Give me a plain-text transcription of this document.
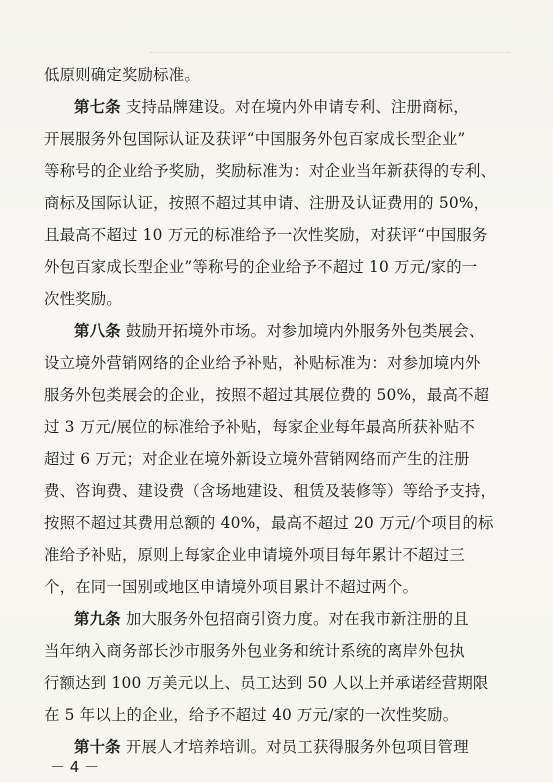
低原则确定奖励标准。
第七条 支持品牌建设。对在境内外申请专利、注册商标，
开展服务外包国际认证及获评“中国服务外包百家成长型企业”
等称号的企业给予奖励，奖励标准为：对企业当年新获得的专利、
商标及国际认证，按照不超过其申请、注册及认证费用的 50%，
且最高不超过 10 万元的标准给予一次性奖励，对获评“中国服务
外包百家成长型企业”等称号的企业给予不超过 10 万元/家的一
次性奖励。
第八条 鼓励开拓境外市场。对参加境内外服务外包类展会、
设立境外营销网络的企业给予补贴，补贴标准为：对参加境内外
服务外包类展会的企业，按照不超过其展位费的 50%，最高不超
过 3 万元/展位的标准给予补贴，每家企业每年最高所获补贴不
超过 6 万元；对企业在境外新设立境外营销网络而产生的注册
费、咨询费、建设费（含场地建设、租赁及装修等）等给予支持，
按照不超过其费用总额的 40%，最高不超过 20 万元/个项目的标
准给予补贴，原则上每家企业申请境外项目每年累计不超过三
个，在同一国别或地区申请境外项目累计不超过两个。
第九条 加大服务外包招商引资力度。对在我市新注册的且
当年纳入商务部长沙市服务外包业务和统计系统的离岸外包执
行额达到 100 万美元以上、员工达到 50 人以上并承诺经营期限
在 5 年以上的企业，给予不超过 40 万元/家的一次性奖励。
第十条 开展人才培养培训。对员工获得服务外包项目管理
－ 4 －
